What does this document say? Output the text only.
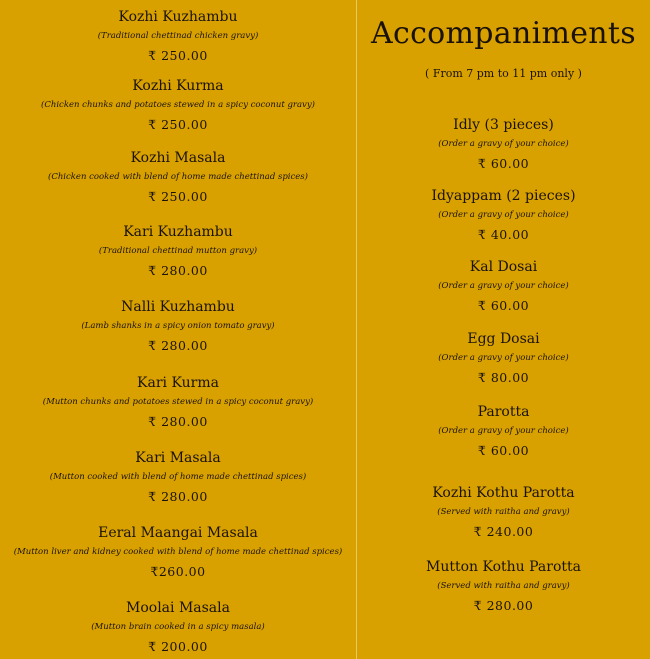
Kozhi Kuzhambu
(Traditional chettinad chicken gravy)
₹ 250.00
Kozhi Kurma
(Chicken chunks and potatoes stewed in a spicy coconut gravy)
₹ 250.00
Kozhi Masala
(Chicken cooked with blend of home made chettinad spices)
₹ 250.00
Kari Kuzhambu
(Traditional chettinad mutton gravy)
₹ 280.00
Nalli Kuzhambu
(Lamb shanks in a spicy onion tomato gravy)
₹ 280.00
Kari Kurma
(Mutton chunks and potatoes stewed in a spicy coconut gravy)
₹ 280.00
Kari Masala
(Mutton cooked with blend of home made chettinad spices)
₹ 280.00
Eeral Maangai Masala
(Mutton liver and kidney cooked with blend of home made chettinad spices)
₹260.00
Moolai Masala
(Mutton brain cooked in a spicy masala)
₹ 200.00
Accompaniments
( From 7 pm to 11 pm only )
Idly (3 pieces)
(Order a gravy of your choice)
₹ 60.00
Idyappam (2 pieces)
(Order a gravy of your choice)
₹ 40.00
Kal Dosai
(Order a gravy of your choice)
₹ 60.00
Egg Dosai
(Order a gravy of your choice)
₹ 80.00
Parotta
(Order a gravy of your choice)
₹ 60.00
Kozhi Kothu Parotta
(Served with raitha and gravy)
₹ 240.00
Mutton Kothu Parotta
(Served with raitha and gravy)
₹ 280.00
